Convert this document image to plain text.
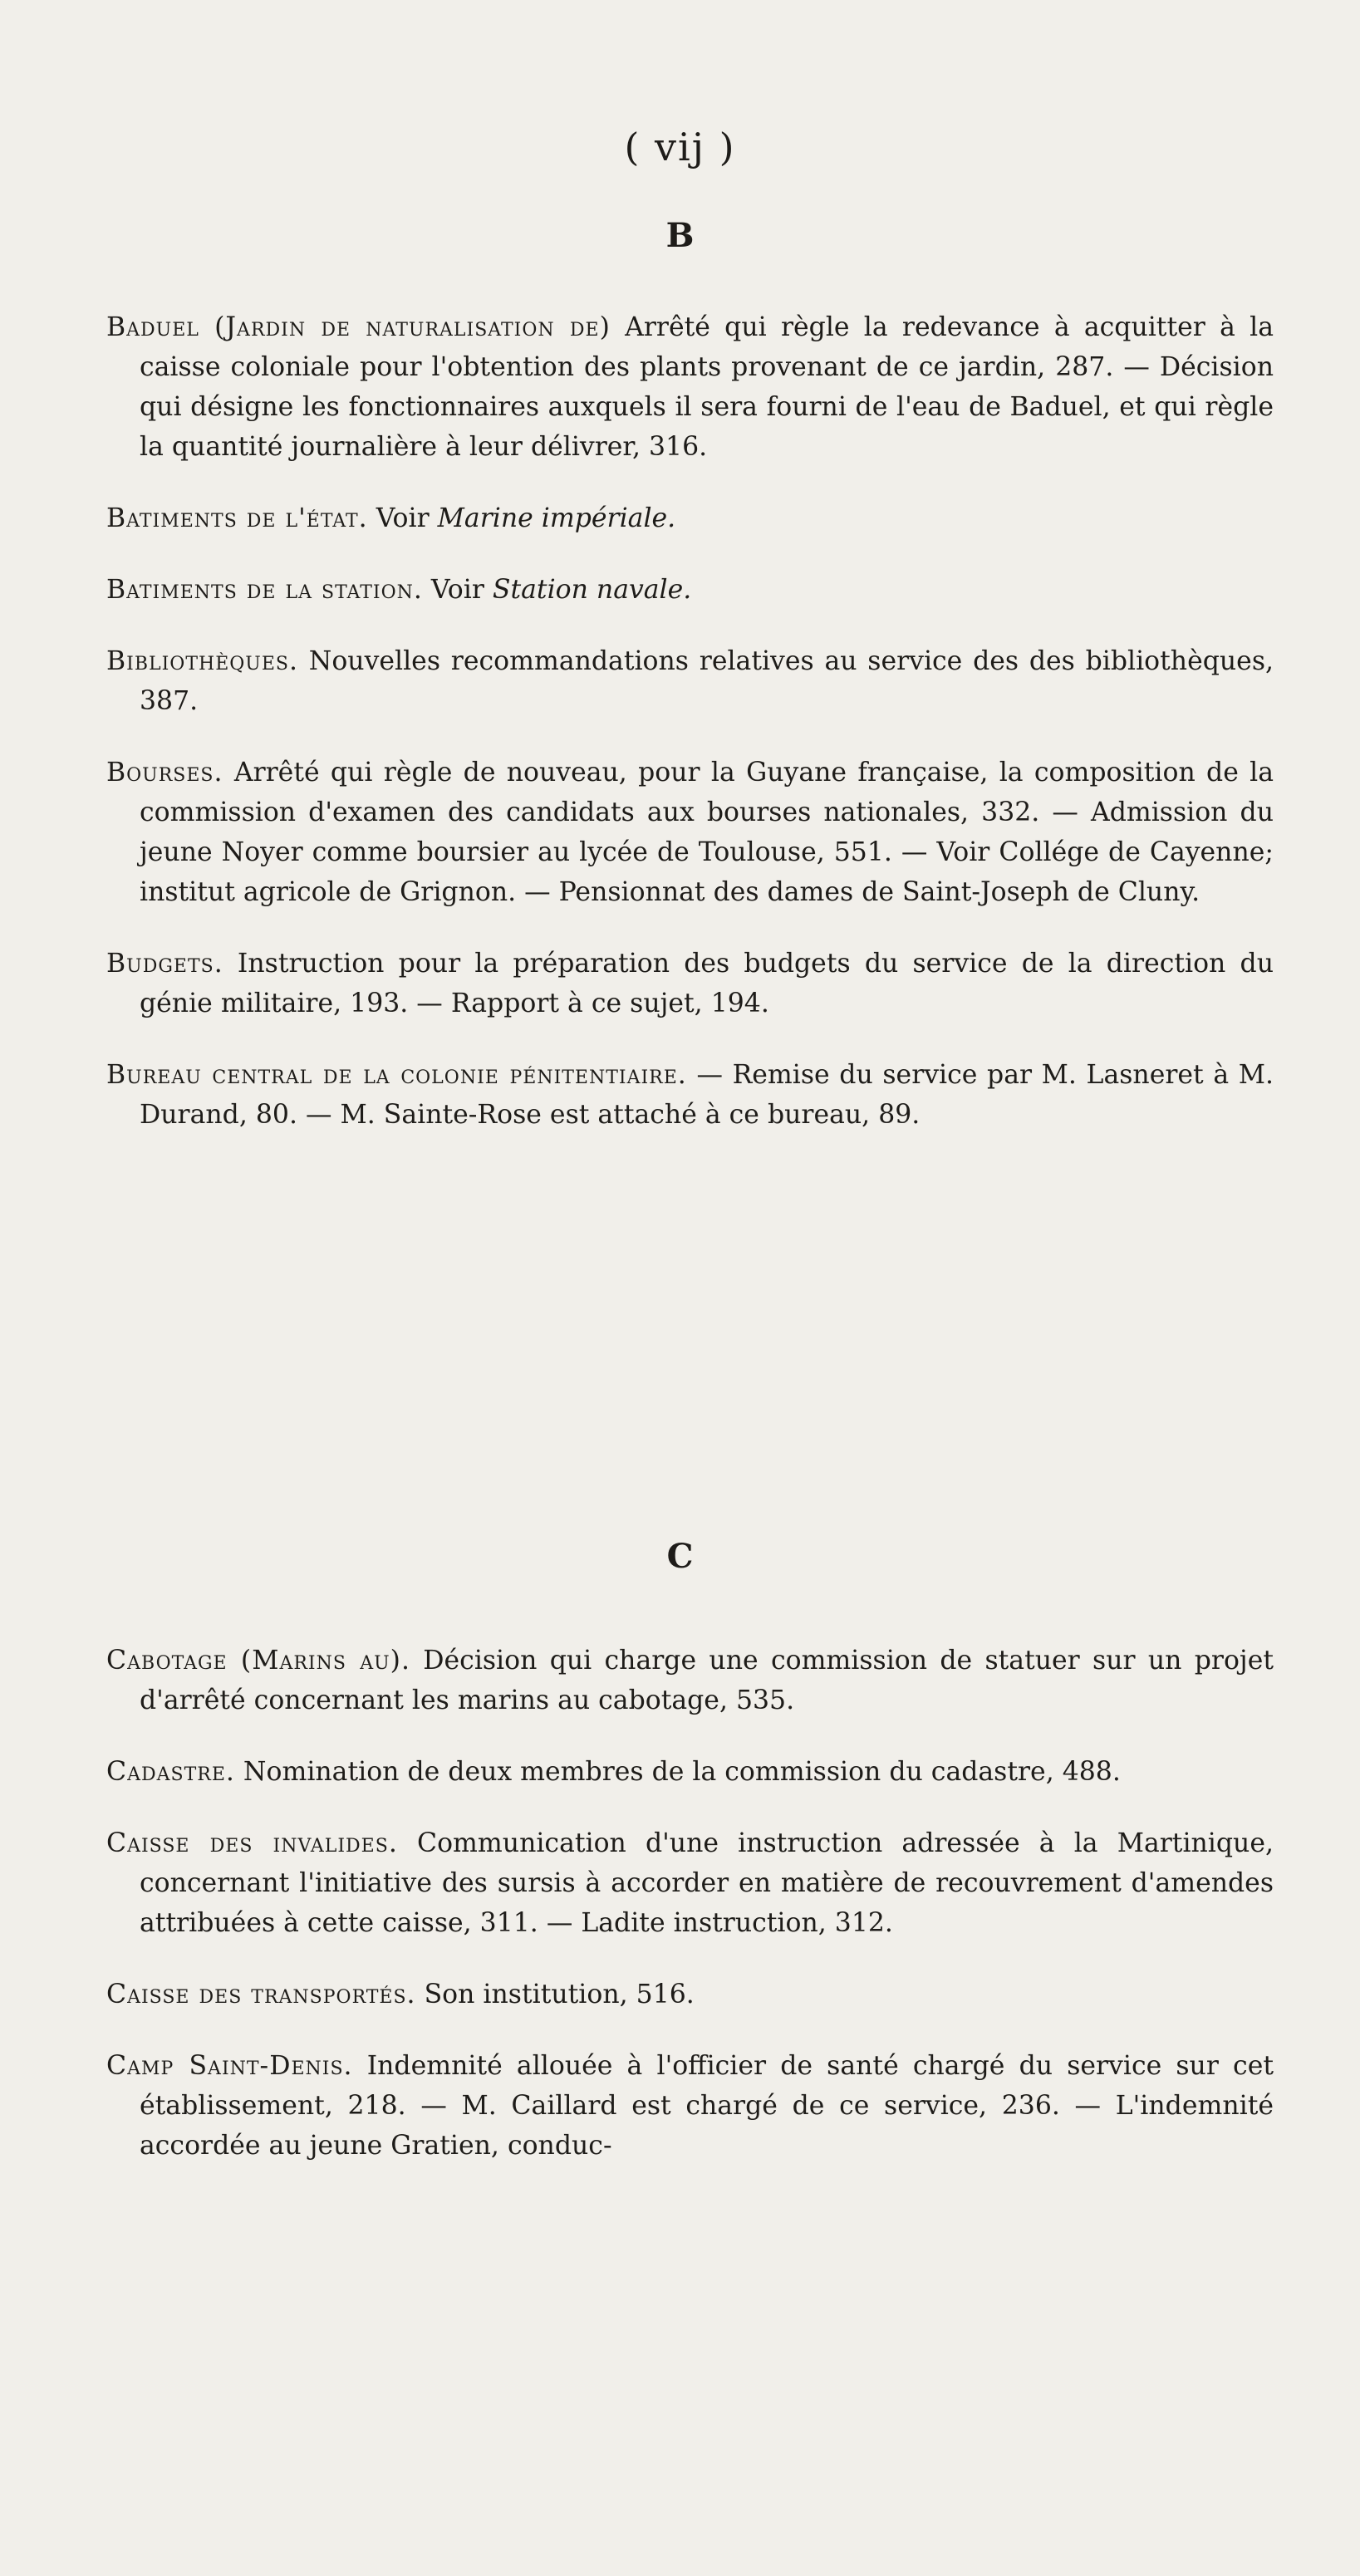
( vij )
B

Baduel (Jardin de naturalisation de) Arrêté qui règle la redevance à acquitter à la caisse coloniale pour l'obtention des plants provenant de ce jardin, 287. — Décision qui désigne les fonctionnaires auxquels il sera fourni de l'eau de Baduel, et qui règle la quantité journalière à leur délivrer, 316.

Batiments de l'état. Voir Marine impériale.

Batiments de la station. Voir Station navale.

Bibliothèques. Nouvelles recommandations relatives au service des des bibliothèques, 387.

Bourses. Arrêté qui règle de nouveau, pour la Guyane française, la composition de la commission d'examen des candidats aux bourses nationales, 332. — Admission du jeune Noyer comme boursier au lycée de Toulouse, 551. — Voir Collége de Cayenne; institut agricole de Grignon. — Pensionnat des dames de Saint-Joseph de Cluny.

Budgets. Instruction pour la préparation des budgets du service de la direction du génie militaire, 193. — Rapport à ce sujet, 194.

Bureau central de la colonie pénitentiaire. — Remise du service par M. Lasneret à M. Durand, 80. — M. Sainte-Rose est attaché à ce bureau, 89.

C

Cabotage (Marins au). Décision qui charge une commission de statuer sur un projet d'arrêté concernant les marins au cabotage, 535.

Cadastre. Nomination de deux membres de la commission du cadastre, 488.

Caisse des invalides. Communication d'une instruction adressée à la Martinique, concernant l'initiative des sursis à accorder en matière de recouvrement d'amendes attribuées à cette caisse, 311. — Ladite instruction, 312.

Caisse des transportés. Son institution, 516.

Camp Saint-Denis. Indemnité allouée à l'officier de santé chargé du service sur cet établissement, 218. — M. Caillard est chargé de ce service, 236. — L'indemnité accordée au jeune Gratien, conduc-
